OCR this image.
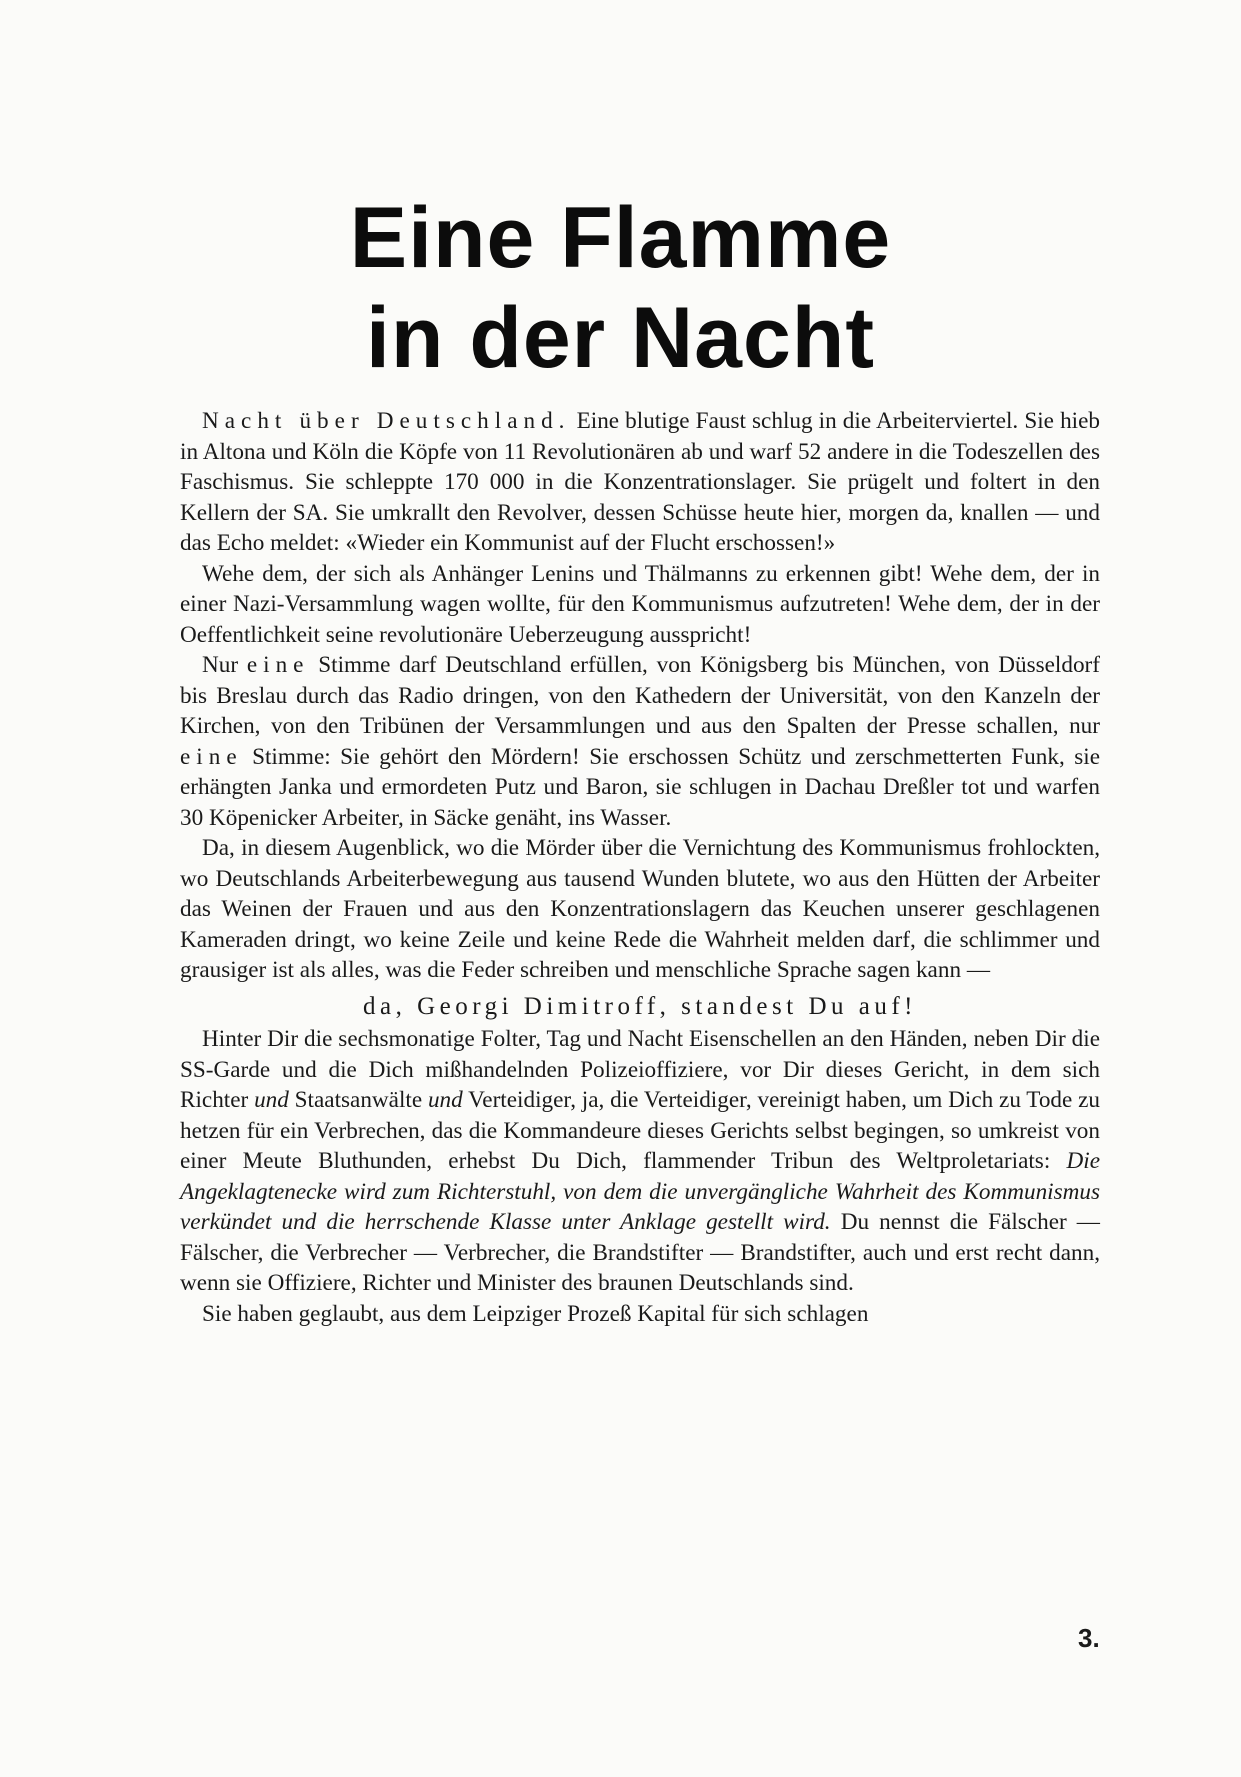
Eine Flamme
in der Nacht

Nacht über Deutschland. Eine blutige Faust schlug in die Arbeiterviertel. Sie hieb in Altona und Köln die Köpfe von 11 Revolutionären ab und warf 52 andere in die Todeszellen des Faschismus. Sie schleppte 170 000 in die Konzentrationslager. Sie prügelt und foltert in den Kellern der SA. Sie umkrallt den Revolver, dessen Schüsse heute hier, morgen da, knallen — und das Echo meldet: «Wieder ein Kommunist auf der Flucht erschossen!»

Wehe dem, der sich als Anhänger Lenins und Thälmanns zu erkennen gibt! Wehe dem, der in einer Nazi-Versammlung wagen wollte, für den Kommunismus aufzutreten! Wehe dem, der in der Oeffentlichkeit seine revolutionäre Ueberzeugung ausspricht!

Nur eine Stimme darf Deutschland erfüllen, von Königsberg bis München, von Düsseldorf bis Breslau durch das Radio dringen, von den Kathedern der Universität, von den Kanzeln der Kirchen, von den Tribünen der Versammlungen und aus den Spalten der Presse schallen, nur eine Stimme: Sie gehört den Mördern! Sie erschossen Schütz und zerschmetterten Funk, sie erhängten Janka und ermordeten Putz und Baron, sie schlugen in Dachau Dreßler tot und warfen 30 Köpenicker Arbeiter, in Säcke genäht, ins Wasser.

Da, in diesem Augenblick, wo die Mörder über die Vernichtung des Kommunismus frohlockten, wo Deutschlands Arbeiterbewegung aus tausend Wunden blutete, wo aus den Hütten der Arbeiter das Weinen der Frauen und aus den Konzentrationslagern das Keuchen unserer geschlagenen Kameraden dringt, wo keine Zeile und keine Rede die Wahrheit melden darf, die schlimmer und grausiger ist als alles, was die Feder schreiben und menschliche Sprache sagen kann —

da, Georgi Dimitroff, standest Du auf!

Hinter Dir die sechsmonatige Folter, Tag und Nacht Eisenschellen an den Händen, neben Dir die SS-Garde und die Dich mißhandelnden Polizeioffiziere, vor Dir dieses Gericht, in dem sich Richter und Staatsanwälte und Verteidiger, ja, die Verteidiger, vereinigt haben, um Dich zu Tode zu hetzen für ein Verbrechen, das die Kommandeure dieses Gerichts selbst begingen, so umkreist von einer Meute Bluthunden, erhebst Du Dich, flammender Tribun des Weltproletariats: Die Angeklagtenecke wird zum Richterstuhl, von dem die unvergängliche Wahrheit des Kommunismus verkündet und die herrschende Klasse unter Anklage gestellt wird. Du nennst die Fälscher — Fälscher, die Verbrecher — Verbrecher, die Brandstifter — Brandstifter, auch und erst recht dann, wenn sie Offiziere, Richter und Minister des braunen Deutschlands sind.

Sie haben geglaubt, aus dem Leipziger Prozeß Kapital für sich schlagen

3.
